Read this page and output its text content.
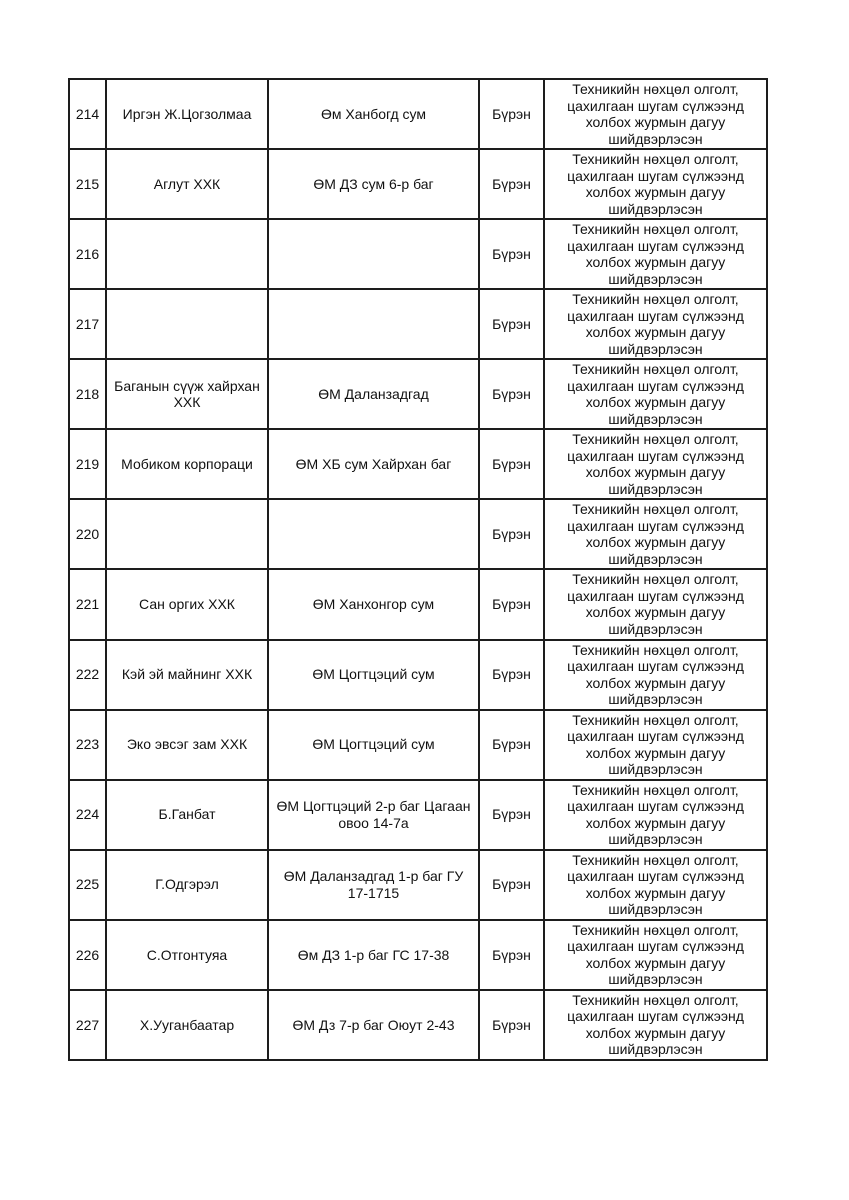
214	Иргэн Ж.Цогзолмаа	Өм Ханбогд сум	Бүрэн	Техникийн нөхцөл олголт, цахилгаан шугам сүлжээнд холбох журмын дагуу шийдвэрлэсэн
215	Аглут ХХК	ӨМ ДЗ сум 6-р баг	Бүрэн	Техникийн нөхцөл олголт, цахилгаан шугам сүлжээнд холбох журмын дагуу шийдвэрлэсэн
216			Бүрэн	Техникийн нөхцөл олголт, цахилгаан шугам сүлжээнд холбох журмын дагуу шийдвэрлэсэн
217			Бүрэн	Техникийн нөхцөл олголт, цахилгаан шугам сүлжээнд холбох журмын дагуу шийдвэрлэсэн
218	Баганын сүүж хайрхан ХХК	ӨМ Даланзадгад	Бүрэн	Техникийн нөхцөл олголт, цахилгаан шугам сүлжээнд холбох журмын дагуу шийдвэрлэсэн
219	Мобиком корпораци	ӨМ ХБ сум Хайрхан баг	Бүрэн	Техникийн нөхцөл олголт, цахилгаан шугам сүлжээнд холбох журмын дагуу шийдвэрлэсэн
220			Бүрэн	Техникийн нөхцөл олголт, цахилгаан шугам сүлжээнд холбох журмын дагуу шийдвэрлэсэн
221	Сан оргих ХХК	ӨМ Ханхонгор сум	Бүрэн	Техникийн нөхцөл олголт, цахилгаан шугам сүлжээнд холбох журмын дагуу шийдвэрлэсэн
222	Кэй эй майнинг ХХК	ӨМ Цогтцэций сум	Бүрэн	Техникийн нөхцөл олголт, цахилгаан шугам сүлжээнд холбох журмын дагуу шийдвэрлэсэн
223	Эко эвсэг зам ХХК	ӨМ Цогтцэций сум	Бүрэн	Техникийн нөхцөл олголт, цахилгаан шугам сүлжээнд холбох журмын дагуу шийдвэрлэсэн
224	Б.Ганбат	ӨМ Цогтцэций 2-р баг Цагаан овоо 14-7а	Бүрэн	Техникийн нөхцөл олголт, цахилгаан шугам сүлжээнд холбох журмын дагуу шийдвэрлэсэн
225	Г.Одгэрэл	ӨМ Даланзадгад 1-р баг ГУ 17-1715	Бүрэн	Техникийн нөхцөл олголт, цахилгаан шугам сүлжээнд холбох журмын дагуу шийдвэрлэсэн
226	С.Отгонтуяа	Өм ДЗ 1-р баг ГС 17-38	Бүрэн	Техникийн нөхцөл олголт, цахилгаан шугам сүлжээнд холбох журмын дагуу шийдвэрлэсэн
227	Х.Ууганбаатар	ӨМ Дз 7-р баг Оюут 2-43	Бүрэн	Техникийн нөхцөл олголт, цахилгаан шугам сүлжээнд холбох журмын дагуу шийдвэрлэсэн
